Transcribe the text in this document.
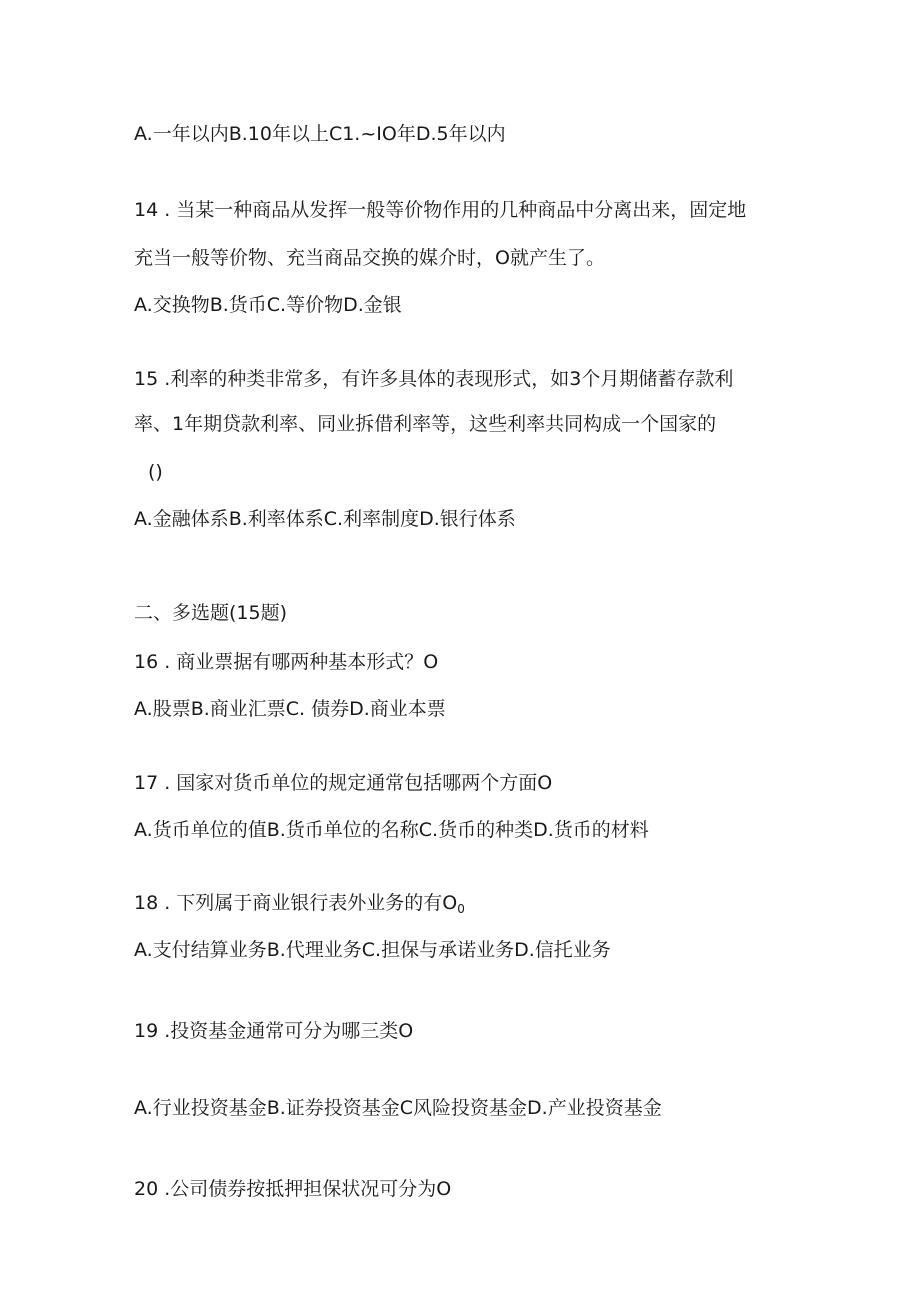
A.一年以内B.10年以上C1.~IO年D.5年以内
14 . 当某一种商品从发挥一般等价物作用的几种商品中分离出来，固定地
充当一般等价物、充当商品交换的媒介时，O就产生了。
A.交换物B.货币C.等价物D.金银
15 .利率的种类非常多，有许多具体的表现形式，如3个月期储蓄存款利
率、1年期贷款利率、同业拆借利率等，这些利率共同构成一个国家的
()
A.金融体系B.利率体系C.利率制度D.银行体系
二、多选题(15题)
16 . 商业票据有哪两种基本形式？O
A.股票B.商业汇票C. 债券D.商业本票
17 . 国家对货币单位的规定通常包括哪两个方面O
A.货币单位的值B.货币单位的名称C.货币的种类D.货币的材料
18 . 下列属于商业银行表外业务的有$O_0$
A.支付结算业务B.代理业务C.担保与承诺业务D.信托业务
19 .投资基金通常可分为哪三类O
A.行业投资基金B.证券投资基金C风险投资基金D.产业投资基金
20 .公司债券按抵押担保状况可分为O
